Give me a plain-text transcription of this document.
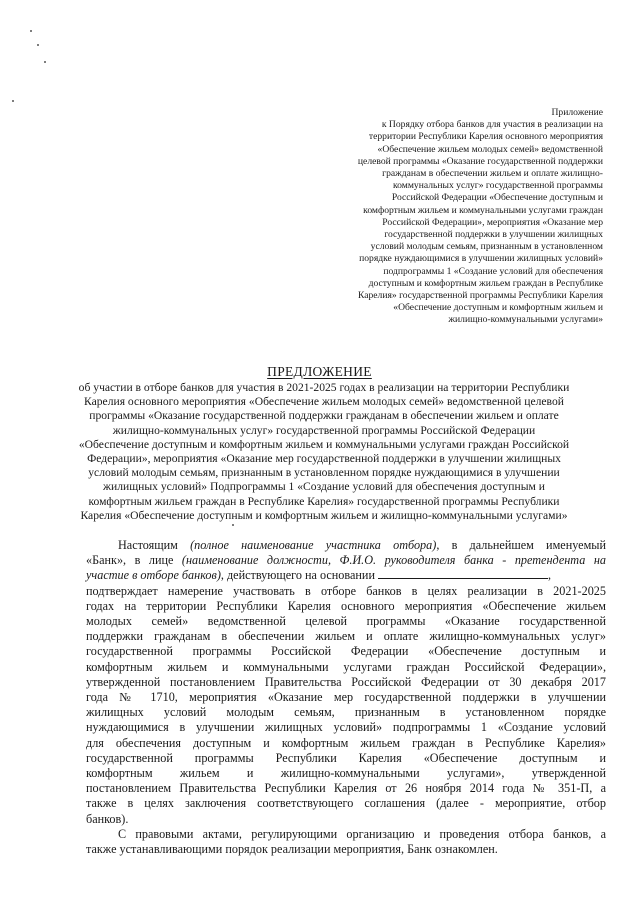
Приложение
к Порядку отбора банков для участия в реализации на
территории Республики Карелия основного мероприятия
«Обеспечение жильем молодых семей» ведомственной
целевой программы «Оказание государственной поддержки
гражданам в обеспечении жильем и оплате жилищно-
коммунальных услуг» государственной программы
Российской Федерации «Обеспечение доступным и
комфортным жильем и коммунальными услугами граждан
Российской Федерации», мероприятия «Оказание мер
государственной поддержки в улучшении жилищных
условий молодым семьям, признанным в установленном
порядке нуждающимися в улучшении жилищных условий»
подпрограммы 1 «Создание условий для обеспечения
доступным и комфортным жильем граждан в Республике
Карелия» государственной программы Республики Карелия
«Обеспечение доступным и комфортным жильем и
жилищно-коммунальными услугами»
ПРЕДЛОЖЕНИЕ
об участии в отборе банков для участия в 2021-2025 годах в реализации на территории Республики
Карелия основного мероприятия «Обеспечение жильем молодых семей» ведомственной целевой
программы «Оказание государственной поддержки гражданам в обеспечении жильем и оплате
жилищно-коммунальных услуг» государственной программы Российской Федерации
«Обеспечение доступным и комфортным жильем и коммунальными услугами граждан Российской
Федерации», мероприятия «Оказание мер государственной поддержки в улучшении жилищных
условий молодым семьям, признанным в установленном порядке нуждающимися в улучшении
жилищных условий» Подпрограммы 1 «Создание условий для обеспечения доступным и
комфортным жильем граждан в Республике Карелия» государственной программы Республики
Карелия «Обеспечение доступным и комфортным жильем и жилищно-коммунальными услугами»
Настоящим (полное наименование участника отбора), в дальнейшем именуемый
«Банк», в лице (наименование должности, Ф.И.О. руководителя банка - претендента на
участие в отборе банков), действующего на основании	,
подтверждает намерение участвовать в отборе банков в целях реализации в 2021-2025
годах на территории Республики Карелия основного мероприятия «Обеспечение жильем
молодых семей» ведомственной целевой программы «Оказание государственной
поддержки гражданам в обеспечении жильем и оплате жилищно-коммунальных услуг»
государственной программы Российской Федерации «Обеспечение доступным и
комфортным жильем и коммунальными услугами граждан Российской Федерации»,
утвержденной постановлением Правительства Российской Федерации от 30 декабря 2017
года № 1710, мероприятия «Оказание мер государственной поддержки в улучшении
жилищных условий молодым семьям, признанным в установленном порядке
нуждающимися в улучшении жилищных условий» подпрограммы 1 «Создание условий
для обеспечения доступным и комфортным жильем граждан в Республике Карелия»
государственной программы Республики Карелия «Обеспечение доступным и
комфортным жильем и жилищно-коммунальными услугами», утвержденной
постановлением Правительства Республики Карелия от 26 ноября 2014 года № 351-П, а
также в целях заключения соответствующего соглашения (далее - мероприятие, отбор
банков).
С правовыми актами, регулирующими организацию и проведения отбора банков, а
также устанавливающими порядок реализации мероприятия, Банк ознакомлен.
